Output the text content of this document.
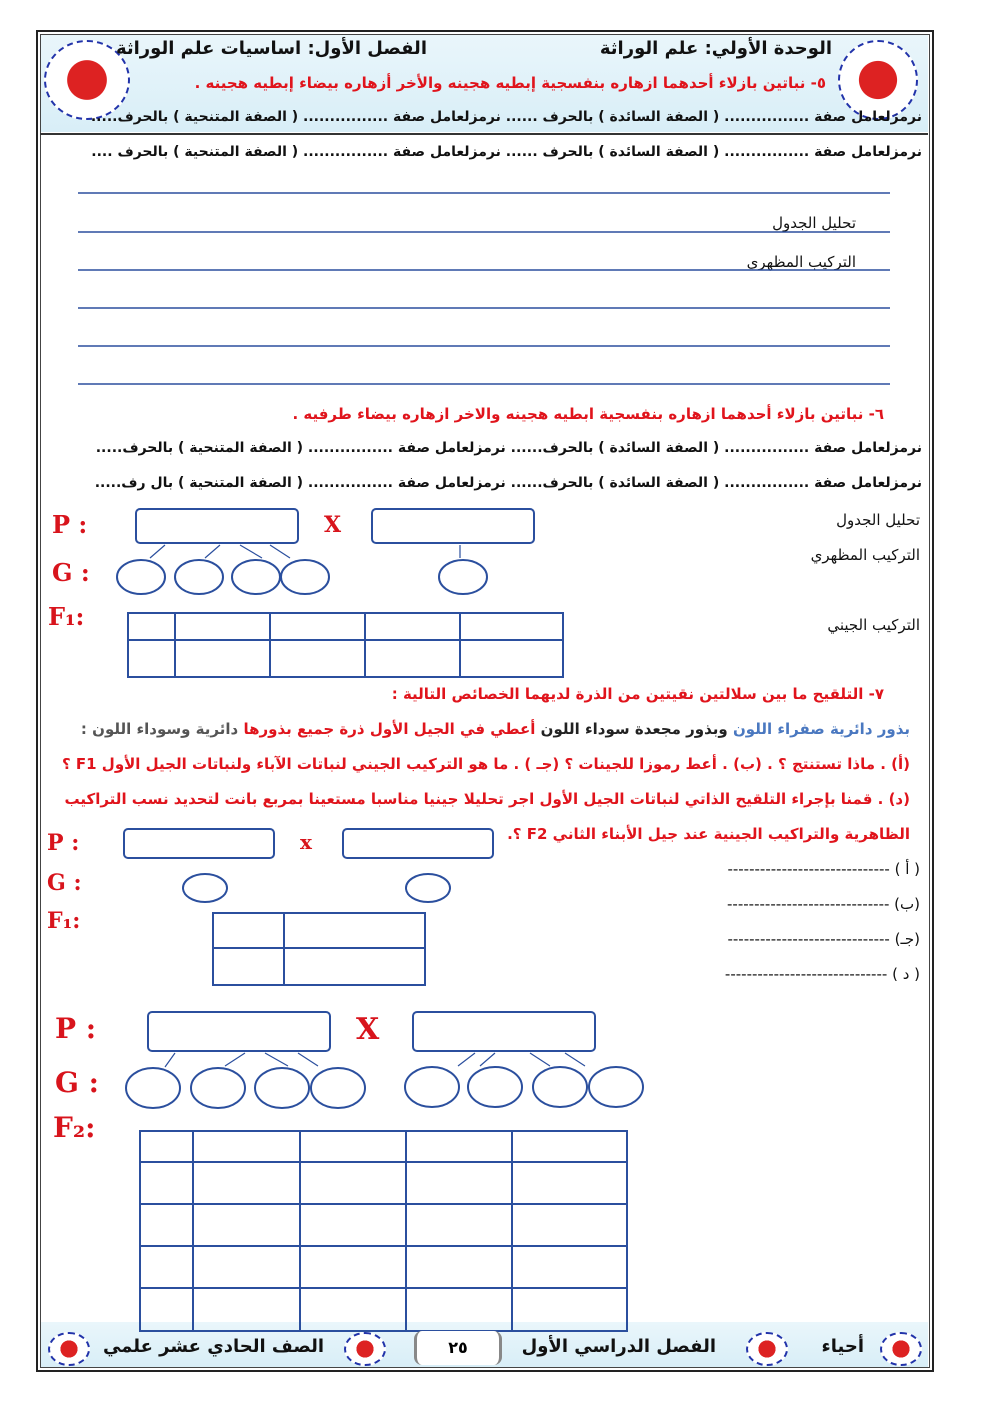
الوحدة الأولي: علم الوراثة
الفصل الأول: اساسيات علم الوراثة
٥- نباتين بازلاء أحدهما ازهاره بنفسجية إبطيه هجينه والأخر أزهاره بيضاء إبطيه هجينه .
نرمزلعامل صفة ................ ( الصفة السائدة ) بالحرف ...... نرمزلعامل صفة ................ ( الصفة المتنحية ) بالحرف.....
نرمزلعامل صفة ................ ( الصفة السائدة ) بالحرف ...... نرمزلعامل صفة ................ ( الصفة المتنحية ) بالحرف ....
تحليل الجدول
التركيب المظهري
٦- نباتين بازلاء أحدهما ازهاره بنفسجية ابطيه هجينه والاخر ازهاره بيضاء طرفيه .
نرمزلعامل صفة ................ ( الصفة السائدة ) بالحرف...... نرمزلعامل صفة ................ ( الصفة المتنحية ) بالحرف.....
نرمزلعامل صفة ................ ( الصفة السائدة ) بالحرف...... نرمزلعامل صفة ................ ( الصفة المتنحية ) بال رف.....
تحليل الجدول
التركيب المظهري
التركيب الجيني
P :	X
G :
F₁:
٧- التلقيح ما بين سلالتين نقيتين من الذرة لديهما الخصائص التالية :
بذور دائرية صفراء اللون وبذور مجعدة سوداء اللون أعطي في الجيل الأول ذرة جميع بذورها دائرية وسوداء اللون :
(أ) . ماذا تستنتج ؟ . (ب) . أعط رموزا للجينات ؟ (جـ ) . ما هو التركيب الجيني لنباتات الآباء ولنباتات الجيل الأول F1 ؟
(د) . قمنا بإجراء التلقيح الذاتي لنباتات الجيل الأول اجر تحليلا جينيا مناسبا مستعينا بمربع بانت لتحديد نسب التراكيب
الظاهرية والتراكيب الجينية عند جيل الأبناء الثاني F2 ؟.
P :	x
G :
F₁:
( أ ) ------------------------------
(ب) ------------------------------
(جـ) ------------------------------
( د ) ------------------------------
P :	X
G :
F₂:
أحياء
الفصل الدراسي الأول
٢٥
الصف الحادي عشر علمي
